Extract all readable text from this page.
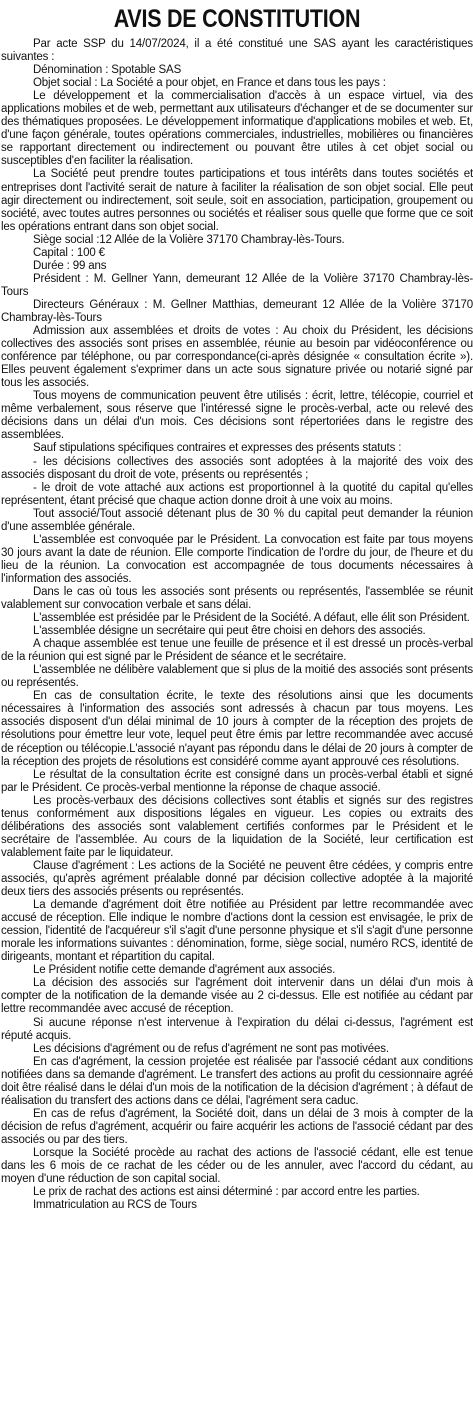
AVIS DE CONSTITUTION

Par acte SSP du 14/07/2024, il a été constitué une SAS ayant les caractéristiques suivantes :

Dénomination : Spotable SAS

Objet social : La Société a pour objet, en France et dans tous les pays :

Le développement et la commercialisation d'accès à un espace virtuel, via des applications mobiles et de web, permettant aux utilisateurs d'échanger et de se documenter sur des thématiques proposées. Le développement informatique d'applications mobiles et web. Et, d'une façon générale, toutes opérations commerciales, industrielles, mobilières ou financières se rapportant directement ou indirectement ou pouvant être utiles à cet objet social ou susceptibles d'en faciliter la réalisation.

La Société peut prendre toutes participations et tous intérêts dans toutes sociétés et entreprises dont l'activité serait de nature à faciliter la réalisation de son objet social. Elle peut agir directement ou indirectement, soit seule, soit en association, participation, groupement ou société, avec toutes autres personnes ou sociétés et réaliser sous quelle que forme que ce soit les opérations entrant dans son objet social.

Siège social :12 Allée de la Volière 37170 Chambray-lès-Tours.

Capital : 100 €

Durée : 99 ans

Président : M. Gellner Yann, demeurant 12 Allée de la Volière 37170 Chambray-lès-Tours

Directeurs Généraux : M. Gellner Matthias, demeurant 12 Allée de la Volière 37170 Chambray-lès-Tours

Admission aux assemblées et droits de votes : Au choix du Président, les décisions collectives des associés sont prises en assemblée, réunie au besoin par vidéoconférence ou conférence par téléphone, ou par correspondance(ci-après désignée « consultation écrite »). Elles peuvent également s'exprimer dans un acte sous signature privée ou notarié signé par tous les associés.

Tous moyens de communication peuvent être utilisés : écrit, lettre, télécopie, courriel et même verbalement, sous réserve que l'intéressé signe le procès-verbal, acte ou relevé des décisions dans un délai d'un mois. Ces décisions sont répertoriées dans le registre des assemblées.

Sauf stipulations spécifiques contraires et expresses des présents statuts :

- les décisions collectives des associés sont adoptées à la majorité des voix des associés disposant du droit de vote, présents ou représentés ;

- le droit de vote attaché aux actions est proportionnel à la quotité du capital qu'elles représentent, étant précisé que chaque action donne droit à une voix au moins.

Tout associé/Tout associé détenant plus de 30 % du capital peut demander la réunion d'une assemblée générale.

L'assemblée est convoquée par le Président. La convocation est faite par tous moyens 30 jours avant la date de réunion. Elle comporte l'indication de l'ordre du jour, de l'heure et du lieu de la réunion. La convocation est accompagnée de tous documents nécessaires à l'information des associés.

Dans le cas où tous les associés sont présents ou représentés, l'assemblée se réunit valablement sur convocation verbale et sans délai.

L'assemblée est présidée par le Président de la Société. A défaut, elle élit son Président.

L'assemblée désigne un secrétaire qui peut être choisi en dehors des associés.

A chaque assemblée est tenue une feuille de présence et il est dressé un procès-verbal de la réunion qui est signé par le Président de séance et le secrétaire.

L'assemblée ne délibère valablement que si plus de la moitié des associés sont présents ou représentés.

En cas de consultation écrite, le texte des résolutions ainsi que les documents nécessaires à l'information des associés sont adressés à chacun par tous moyens. Les associés disposent d'un délai minimal de 10 jours à compter de la réception des projets de résolutions pour émettre leur vote, lequel peut être émis par lettre recommandée avec accusé de réception ou télécopie.L'associé n'ayant pas répondu dans le délai de 20 jours à compter de la réception des projets de résolutions est considéré comme ayant approuvé ces résolutions.

Le résultat de la consultation écrite est consigné dans un procès-verbal établi et signé par le Président. Ce procès-verbal mentionne la réponse de chaque associé.

Les procès-verbaux des décisions collectives sont établis et signés sur des registres tenus conformément aux dispositions légales en vigueur. Les copies ou extraits des délibérations des associés sont valablement certifiés conformes par le Président et le secrétaire de l'assemblée. Au cours de la liquidation de la Société, leur certification est valablement faite par le liquidateur.

Clause d'agrément : Les actions de la Société ne peuvent être cédées, y compris entre associés, qu'après agrément préalable donné par décision collective adoptée à la majorité deux tiers des associés présents ou représentés.

La demande d'agrément doit être notifiée au Président par lettre recommandée avec accusé de réception. Elle indique le nombre d'actions dont la cession est envisagée, le prix de cession, l'identité de l'acquéreur s'il s'agit d'une personne physique et s'il s'agit d'une personne morale les informations suivantes : dénomination, forme, siège social, numéro RCS, identité de dirigeants, montant et répartition du capital.

Le Président notifie cette demande d'agrément aux associés.

La décision des associés sur l'agrément doit intervenir dans un délai d'un mois à compter de la notification de la demande visée au 2 ci-dessus. Elle est notifiée au cédant par lettre recommandée avec accusé de réception.

Si aucune réponse n'est intervenue à l'expiration du délai ci-dessus, l'agrément est réputé acquis.

Les décisions d'agrément ou de refus d'agrément ne sont pas motivées.

En cas d'agrément, la cession projetée est réalisée par l'associé cédant aux conditions notifiées dans sa demande d'agrément. Le transfert des actions au profit du cessionnaire agréé doit être réalisé dans le délai d'un mois de la notification de la décision d'agrément ; à défaut de réalisation du transfert des actions dans ce délai, l'agrément sera caduc.

En cas de refus d'agrément, la Société doit, dans un délai de 3 mois à compter de la décision de refus d'agrément, acquérir ou faire acquérir les actions de l'associé cédant par des associés ou par des tiers.

Lorsque la Société procède au rachat des actions de l'associé cédant, elle est tenue dans les 6 mois de ce rachat de les céder ou de les annuler, avec l'accord du cédant, au moyen d'une réduction de son capital social.

Le prix de rachat des actions est ainsi déterminé : par accord entre les parties.

Immatriculation au RCS de Tours
